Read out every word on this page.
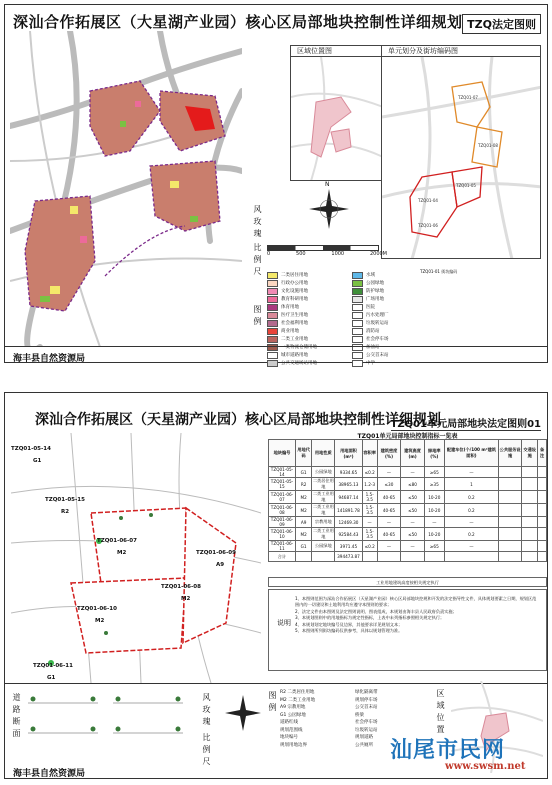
深汕合作拓展区（大星湖产业园）核心区局部地块控制性详细规划 TZQ法定图则
区域位置图	单元划分及街坊编码图
TZQ01-07
TZQ01-08
TZQ01-04
TZQ01-05
TZQ01-06
风玫瑰
N
比例尺 0	500	1000	2000M
TZQ01-01 街坊编码
图例
二类居住用地
行政办公用地
文化设施用地
教育科研用地
体育用地
医疗卫生用地
社会福利用地
商业用地
二类工业用地
一类物流仓储用地
城市道路用地
公共交通场站用地
水域
公园绿地
防护绿地
广场用地
医院
污水处理厂
垃圾转运站
消防站
社会停车场
加油站
公交首末站
中学
海丰县自然资源局
深汕合作拓展区（天星湖产业园）核心区局部地块控制性详细规划
TZQ01单元局部地块法定图则01
TZQ01-05-14
G1
TZQ01-05-15
R2
TZQ01-06-07
M2	TZQ01-06-09
A9
TZQ01-06-08
M2
TZQ01-06-10
M2
TZQ01-06-11
G1
TZQ01单元局部地块控制指标一览表
地块编号	用地代码	用地性质	用地面积(m²)	容积率	建筑密度(%)	建筑高度(m)	绿地率(%)	配建车位(个/100 m²建筑面积)	公共服务设施	交通设施	备注
TZQ01-05-14	G1	公园绿地	9334.65	≤0.2	—	—	≥65	—			
TZQ01-05-15	R2	二类居住用地	38965.13	1.2-3	≤30	≤80	≥35	1			
TZQ01-06-07	M2	二类工业用地	94687.14	1.5-3.5	40-65	≤50	10-20	0.2			
TZQ01-06-08	M2	二类工业用地	141891.78	1.5-3.5	40-65	≤50	10-20	0.2			
TZQ01-06-09	A9	宗教用地	12469.30	—	—	—	—	—			
TZQ01-06-10	M2	二类工业用地	92584.43	1.5-3.5	40-65	≤50	10-20	0.2			
TZQ01-06-11	G1	公园绿地	3971.45	≤0.2	—	—	≥65	—			
合计			394473.87								
工业用地建筑高度按相关规定执行
说明
1、本图则范围为深汕合作拓展区（天星湖产业园）核心区局部地块控规和开发的法定指导性文件，具体规划要素之日期，规划区范围内的一切建设和土地利用均应遵守本图则的要求；
2、法定文件由本图则及法定图则说明、图表组成，本规划由海丰县人民政府负责实施；
3、本规划图则中的用地指标为规定性指标，上表中未列指标参照相关规定执行；
4、本规划划定地块编号及边界，其他要求详见规划文本；
5、本图则所列街坊编码仅供参考，具体以规划管理为准。
道路断面	风玫瑰
比例尺
图例 R2 二类居住用地
M2 二类工业用地
A9 宗教用地
G1 公园绿地
道路红线
规划范围线
地块编号
规划用地边界
绿化隔离带
规划停车场
公交首末站
桥梁
社会停车场
垃圾转运站
规划道路
公共厕所
区域位置
海丰县自然资源局
汕尾市民网
www.swsm.net
